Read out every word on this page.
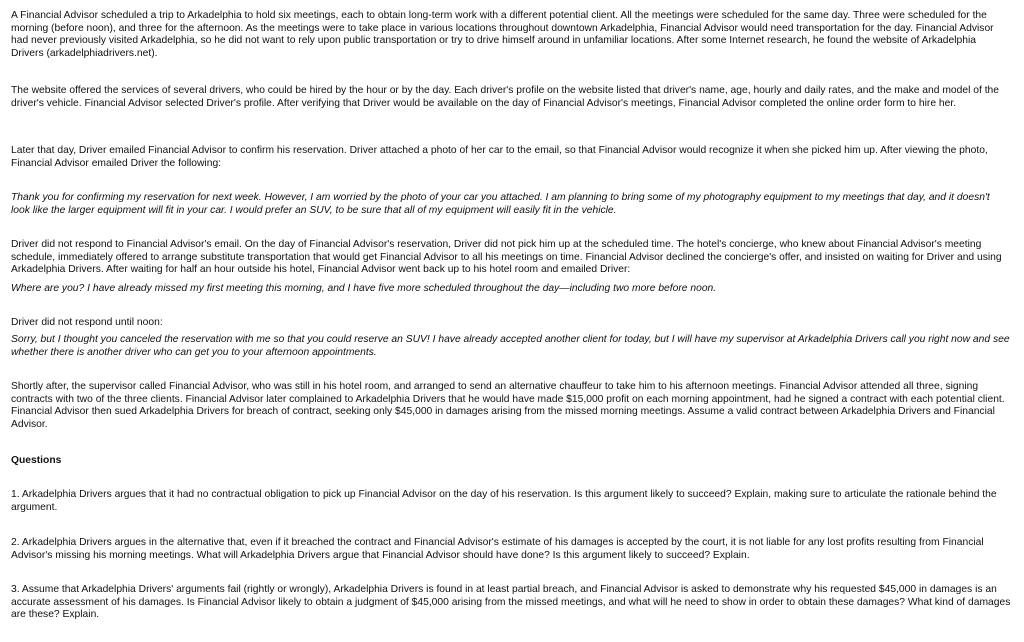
A Financial Advisor scheduled a trip to Arkadelphia to hold six meetings, each to obtain long-term work with a different potential client. All the meetings were scheduled for the same day. Three were scheduled for the morning (before noon), and three for the afternoon. As the meetings were to take place in various locations throughout downtown Arkadelphia, Financial Advisor would need transportation for the day. Financial Advisor had never previously visited Arkadelphia, so he did not want to rely upon public transportation or try to drive himself around in unfamiliar locations. After some Internet research, he found the website of Arkadelphia Drivers (arkadelphiadrivers.net).

The website offered the services of several drivers, who could be hired by the hour or by the day. Each driver's profile on the website listed that driver's name, age, hourly and daily rates, and the make and model of the driver's vehicle. Financial Advisor selected Driver's profile. After verifying that Driver would be available on the day of Financial Advisor's meetings, Financial Advisor completed the online order form to hire her.

Later that day, Driver emailed Financial Advisor to confirm his reservation. Driver attached a photo of her car to the email, so that Financial Advisor would recognize it when she picked him up. After viewing the photo, Financial Advisor emailed Driver the following:

Thank you for confirming my reservation for next week. However, I am worried by the photo of your car you attached. I am planning to bring some of my photography equipment to my meetings that day, and it doesn't look like the larger equipment will fit in your car. I would prefer an SUV, to be sure that all of my equipment will easily fit in the vehicle.

Driver did not respond to Financial Advisor's email. On the day of Financial Advisor's reservation, Driver did not pick him up at the scheduled time. The hotel's concierge, who knew about Financial Advisor's meeting schedule, immediately offered to arrange substitute transportation that would get Financial Advisor to all his meetings on time. Financial Advisor declined the concierge's offer, and insisted on waiting for Driver and using Arkadelphia Drivers. After waiting for half an hour outside his hotel, Financial Advisor went back up to his hotel room and emailed Driver:

Where are you? I have already missed my first meeting this morning, and I have five more scheduled throughout the day—including two more before noon.

Driver did not respond until noon:

Sorry, but I thought you canceled the reservation with me so that you could reserve an SUV! I have already accepted another client for today, but I will have my supervisor at Arkadelphia Drivers call you right now and see whether there is another driver who can get you to your afternoon appointments.

Shortly after, the supervisor called Financial Advisor, who was still in his hotel room, and arranged to send an alternative chauffeur to take him to his afternoon meetings. Financial Advisor attended all three, signing contracts with two of the three clients. Financial Advisor later complained to Arkadelphia Drivers that he would have made $15,000 profit on each morning appointment, had he signed a contract with each potential client. Financial Advisor then sued Arkadelphia Drivers for breach of contract, seeking only $45,000 in damages arising from the missed morning meetings. Assume a valid contract between Arkadelphia Drivers and Financial Advisor.

Questions

1. Arkadelphia Drivers argues that it had no contractual obligation to pick up Financial Advisor on the day of his reservation. Is this argument likely to succeed? Explain, making sure to articulate the rationale behind the argument.

2. Arkadelphia Drivers argues in the alternative that, even if it breached the contract and Financial Advisor's estimate of his damages is accepted by the court, it is not liable for any lost profits resulting from Financial Advisor's missing his morning meetings. What will Arkadelphia Drivers argue that Financial Advisor should have done? Is this argument likely to succeed? Explain.

3. Assume that Arkadelphia Drivers' arguments fail (rightly or wrongly), Arkadelphia Drivers is found in at least partial breach, and Financial Advisor is asked to demonstrate why his requested $45,000 in damages is an accurate assessment of his damages. Is Financial Advisor likely to obtain a judgment of $45,000 arising from the missed meetings, and what will he need to show in order to obtain these damages? What kind of damages are these? Explain.
